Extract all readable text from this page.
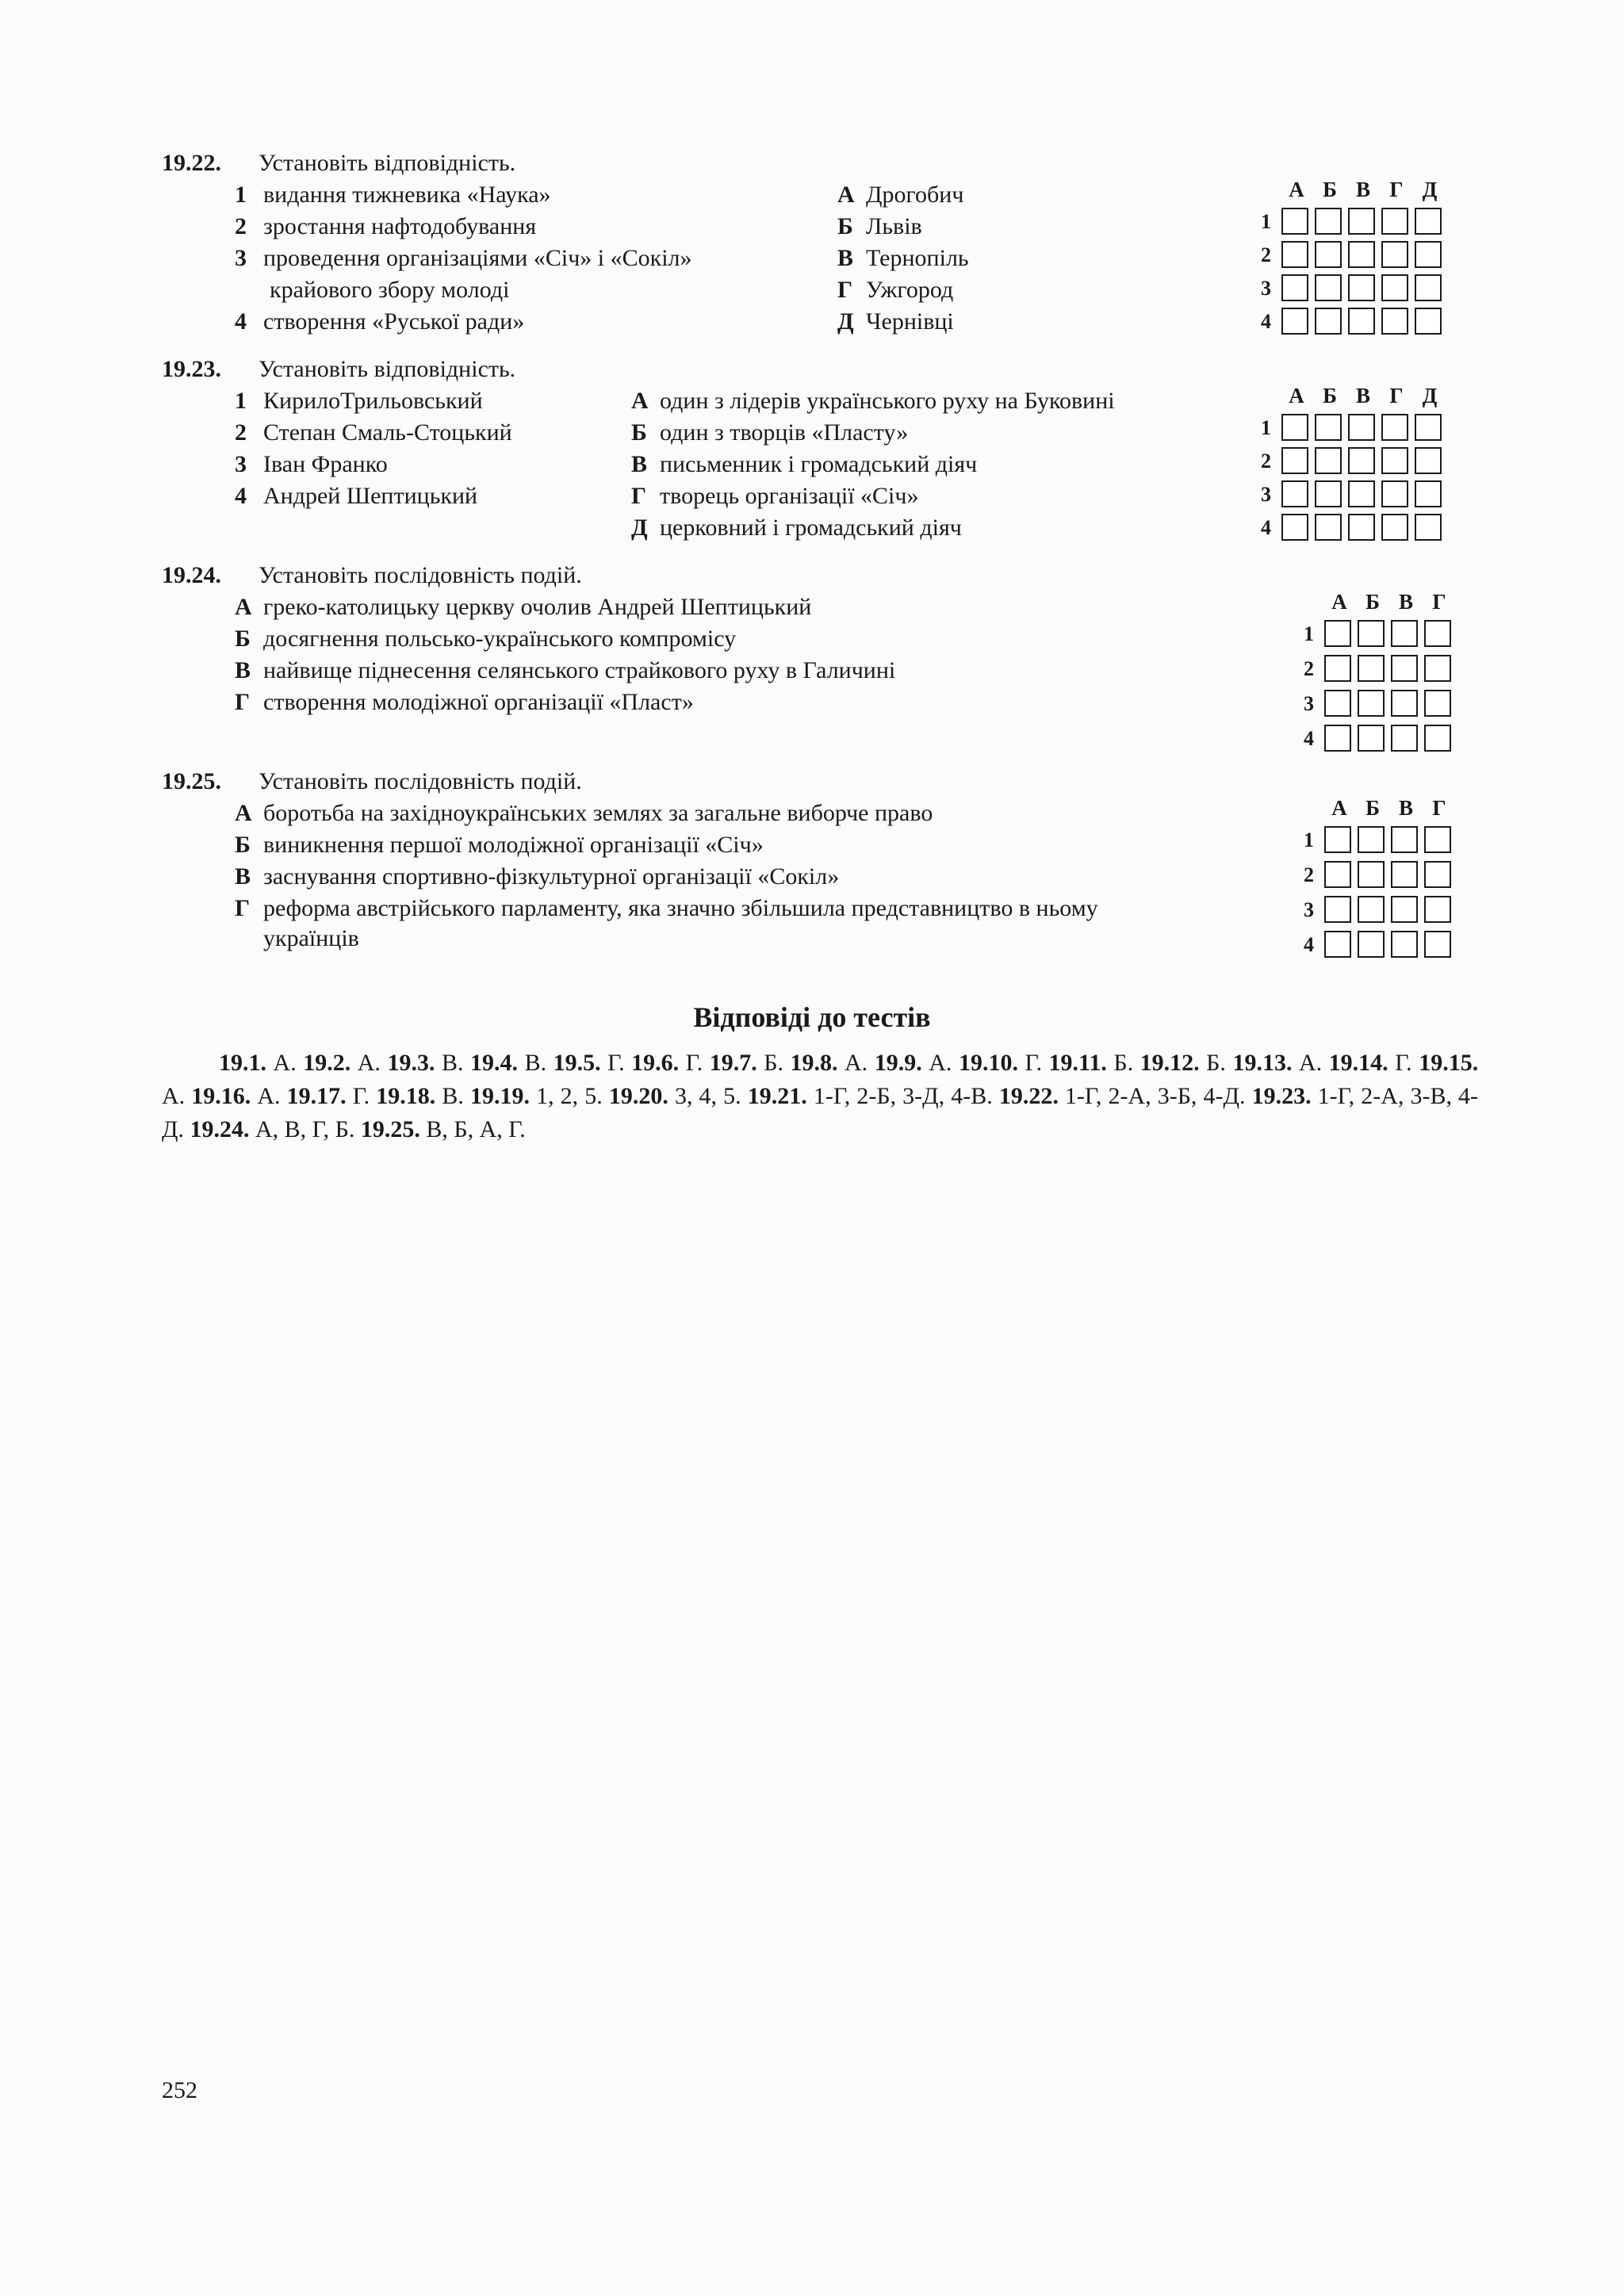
19.22. Установіть відповідність.
1 видання тижневика «Наука»
2 зростання нафтодобування
3 проведення організаціями «Січ» і «Сокіл»
крайового збору молоді
4 створення «Руської ради»
А Дрогобич
Б Львів
В Тернопіль
Г Ужгород
Д Чернівці
А Б В Г Д
1
2
3
4
19.23. Установіть відповідність.
1 КирилоТрильовський
2 Степан Смаль-Стоцький
3 Іван Франко
4 Андрей Шептицький
А один з лідерів українського руху на Буковині
Б один з творців «Пласту»
В письменник і громадський діяч
Г творець організації «Січ»
Д церковний і громадський діяч
А Б В Г Д
1
2
3
4
19.24. Установіть послідовність подій.
А греко-католицьку церкву очолив Андрей Шептицький
Б досягнення польсько-українського компромісу
В найвище піднесення селянського страйкового руху в Галичині
Г створення молодіжної організації «Пласт»
А Б В Г
1
2
3
4
19.25. Установіть послідовність подій.
А боротьба на західноукраїнських землях за загальне виборче право
Б виникнення першої молодіжної організації «Січ»
В заснування спортивно-фізкультурної організації «Сокіл»
Г реформа австрійського парламенту, яка значно збільшила представництво в ньому
українців
А Б В Г
1
2
3
4
Відповіді до тестів
19.1. А. 19.2. А. 19.3. В. 19.4. В. 19.5. Г. 19.6. Г. 19.7. Б. 19.8. А. 19.9. А. 19.10. Г. 19.11. Б. 19.12. Б. 19.13. А. 19.14. Г. 19.15. А. 19.16. А. 19.17. Г. 19.18. В. 19.19. 1, 2, 5. 19.20. 3, 4, 5. 19.21. 1-Г, 2-Б, 3-Д, 4-В. 19.22. 1-Г, 2-А, 3-Б, 4-Д. 19.23. 1-Г, 2-А, 3-В, 4-Д. 19.24. А, В, Г, Б. 19.25. В, Б, А, Г.
252
